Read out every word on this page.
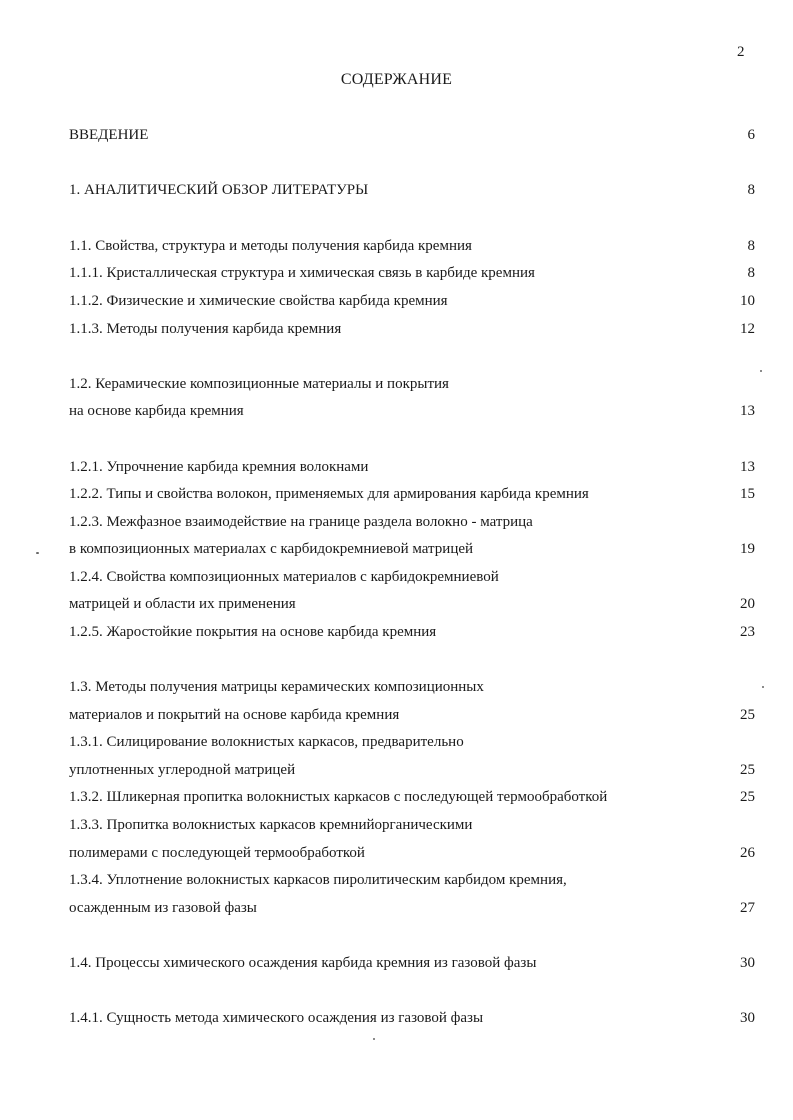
2
СОДЕРЖАНИЕ
ВВЕДЕНИЕ	6
1. АНАЛИТИЧЕСКИЙ ОБЗОР ЛИТЕРАТУРЫ	8
1.1. Свойства, структура и методы получения карбида кремния	8
1.1.1. Кристаллическая структура и химическая связь в карбиде кремния	8
1.1.2. Физические и химические свойства карбида кремния	10
1.1.3. Методы получения карбида кремния	12
1.2. Керамические композиционные материалы и покрытия
на основе карбида кремния	13
1.2.1. Упрочнение карбида кремния волокнами	13
1.2.2. Типы и свойства волокон, применяемых для армирования карбида кремния	15
1.2.3. Межфазное взаимодействие на границе раздела волокно - матрица
в композиционных материалах с карбидокремниевой матрицей	19
1.2.4. Свойства композиционных материалов с карбидокремниевой
матрицей и области их применения	20
1.2.5. Жаростойкие покрытия на основе карбида кремния	23
1.3. Методы получения матрицы керамических композиционных
материалов и покрытий на основе карбида кремния	25
1.3.1. Силицирование волокнистых каркасов, предварительно
уплотненных углеродной матрицей	25
1.3.2. Шликерная пропитка волокнистых каркасов с последующей термообработкой	25
1.3.3. Пропитка волокнистых каркасов кремнийорганическими
полимерами с последующей термообработкой	26
1.3.4. Уплотнение волокнистых каркасов пиролитическим карбидом кремния,
осажденным из газовой фазы	27
1.4. Процессы химического осаждения карбида кремния из газовой фазы	30
1.4.1. Сущность метода химического осаждения из газовой фазы	30
